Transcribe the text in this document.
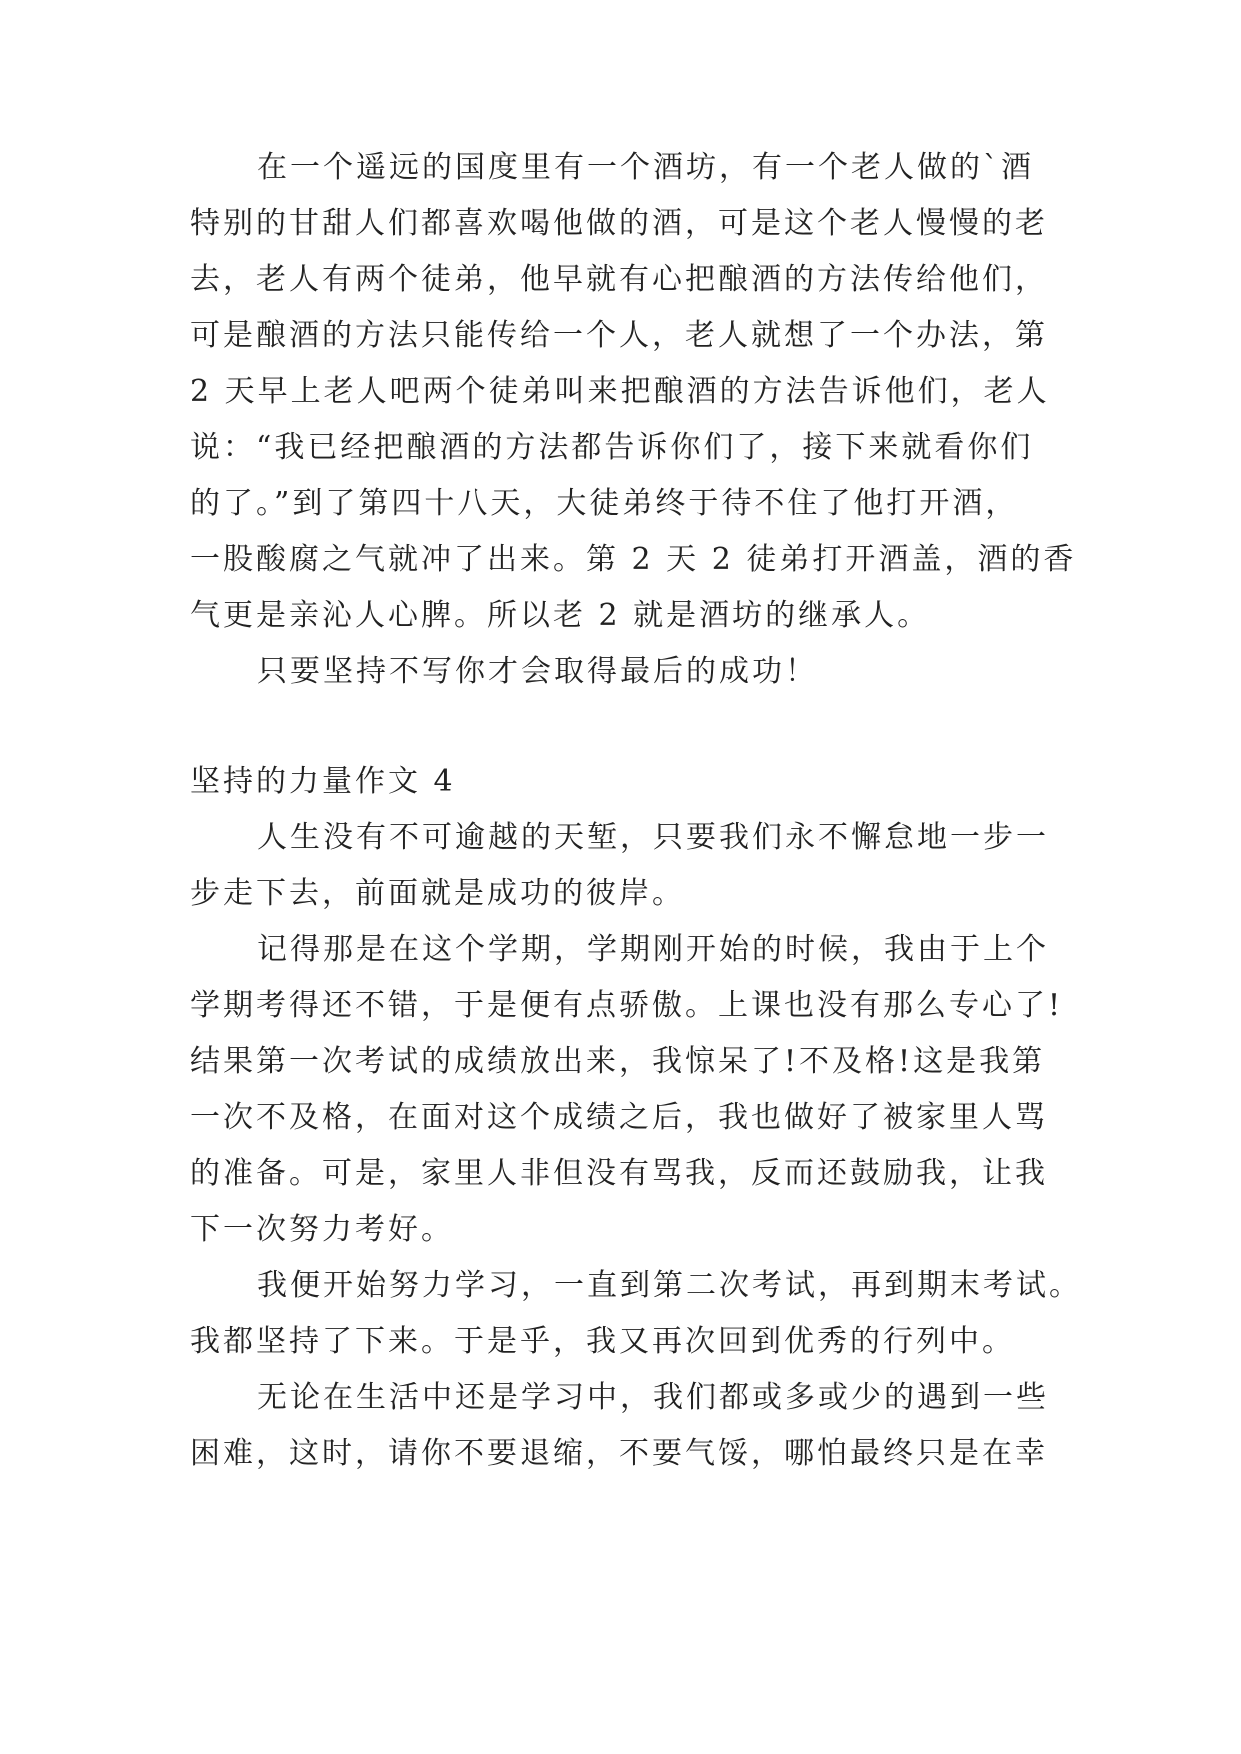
在一个遥远的国度里有一个酒坊，有一个老人做的`酒
特别的甘甜人们都喜欢喝他做的酒，可是这个老人慢慢的老
去，老人有两个徒弟，他早就有心把酿酒的方法传给他们，
可是酿酒的方法只能传给一个人，老人就想了一个办法，第
2 天早上老人吧两个徒弟叫来把酿酒的方法告诉他们，老人
说：“我已经把酿酒的方法都告诉你们了，接下来就看你们
的了。”到了第四十八天，大徒弟终于待不住了他打开酒，
一股酸腐之气就冲了出来。第 2 天 2 徒弟打开酒盖，酒的香
气更是亲沁人心脾。所以老 2 就是酒坊的继承人。
只要坚持不写你才会取得最后的成功！
坚持的力量作文 4
人生没有不可逾越的天堑，只要我们永不懈怠地一步一
步走下去，前面就是成功的彼岸。
记得那是在这个学期，学期刚开始的时候，我由于上个
学期考得还不错，于是便有点骄傲。上课也没有那么专心了!
结果第一次考试的成绩放出来，我惊呆了!不及格!这是我第
一次不及格，在面对这个成绩之后，我也做好了被家里人骂
的准备。可是，家里人非但没有骂我，反而还鼓励我，让我
下一次努力考好。
我便开始努力学习，一直到第二次考试，再到期末考试。
我都坚持了下来。于是乎，我又再次回到优秀的行列中。
无论在生活中还是学习中，我们都或多或少的遇到一些
困难，这时，请你不要退缩，不要气馁，哪怕最终只是在幸
